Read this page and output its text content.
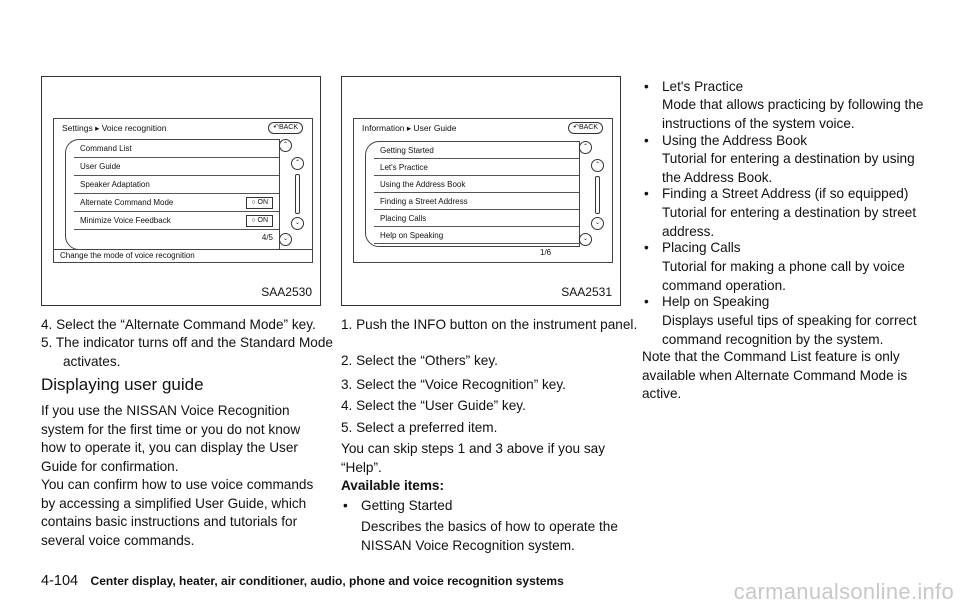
Settings ▸ Voice recognition	↶BACK
Command List
User Guide
Speaker Adaptation
Alternate Command Mode	○ ON
Minimize Voice Feedback	○ ON
4/5
⌃
⌃
⌄
⌄
Change the mode of voice recognition
SAA2530
Information ▸ User Guide	↶BACK
Getting Started
Let's Practice
Using the Address Book
Finding a Street Address
Placing Calls
Help on Speaking
1/6
⌃
⌃
⌄
⌄
SAA2531

4. Select the “Alternate Command Mode” key.

5. The indicator turns off and the Standard Mode activates.

Displaying user guide

If you use the NISSAN Voice Recognition system for the first time or you do not know how to operate it, you can display the User Guide for confirmation.

You can confirm how to use voice commands by accessing a simplified User Guide, which contains basic instructions and tutorials for several voice commands.

1. Push the INFO button on the instrument panel.

2. Select the “Others” key.

3. Select the “Voice Recognition” key.

4. Select the “User Guide” key.

5. Select a preferred item.

You can skip steps 1 and 3 above if you say “Help”.

Available items:

• Getting Started

Describes the basics of how to operate the NISSAN Voice Recognition system.

• Let's Practice

Mode that allows practicing by following the instructions of the system voice.

• Using the Address Book

Tutorial for entering a destination by using the Address Book.

• Finding a Street Address (if so equipped)

Tutorial for entering a destination by street address.

• Placing Calls

Tutorial for making a phone call by voice command operation.

• Help on Speaking

Displays useful tips of speaking for correct command recognition by the system.

Note that the Command List feature is only available when Alternate Command Mode is active.

4-104 Center display, heater, air conditioner, audio, phone and voice recognition systems	carmanualsonline.info
